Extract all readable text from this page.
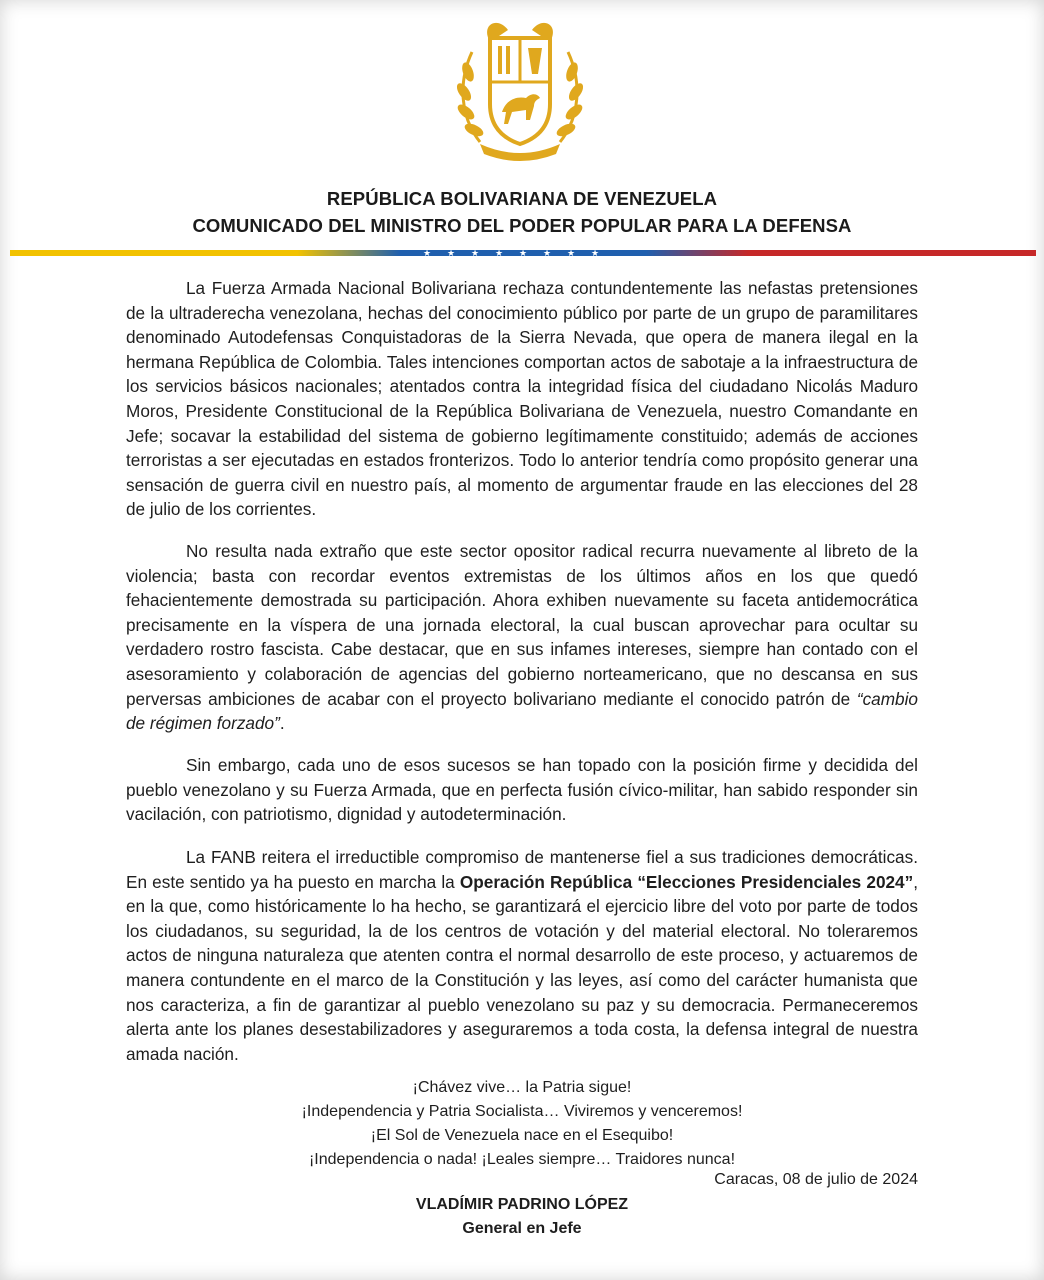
REPÚBLICA BOLIVARIANA DE VENEZUELA
COMUNICADO DEL MINISTRO DEL PODER POPULAR PARA LA DEFENSA
★ ★ ★ ★ ★ ★ ★ ★
La Fuerza Armada Nacional Bolivariana rechaza contundentemente las nefastas pretensiones de la ultraderecha venezolana, hechas del conocimiento público por parte de un grupo de paramilitares denominado Autodefensas Conquistadoras de la Sierra Nevada, que opera de manera ilegal en la hermana República de Colombia. Tales intenciones comportan actos de sabotaje a la infraestructura de los servicios básicos nacionales; atentados contra la integridad física del ciudadano Nicolás Maduro Moros, Presidente Constitucional de la República Bolivariana de Venezuela, nuestro Comandante en Jefe; socavar la estabilidad del sistema de gobierno legítimamente constituido; además de acciones terroristas a ser ejecutadas en estados fronterizos. Todo lo anterior tendría como propósito generar una sensación de guerra civil en nuestro país, al momento de argumentar fraude en las elecciones del 28 de julio de los corrientes.
No resulta nada extraño que este sector opositor radical recurra nuevamente al libreto de la violencia; basta con recordar eventos extremistas de los últimos años en los que quedó fehacientemente demostrada su participación. Ahora exhiben nuevamente su faceta antidemocrática precisamente en la víspera de una jornada electoral, la cual buscan aprovechar para ocultar su verdadero rostro fascista. Cabe destacar, que en sus infames intereses, siempre han contado con el asesoramiento y colaboración de agencias del gobierno norteamericano, que no descansa en sus perversas ambiciones de acabar con el proyecto bolivariano mediante el conocido patrón de “cambio de régimen forzado”.
Sin embargo, cada uno de esos sucesos se han topado con la posición firme y decidida del pueblo venezolano y su Fuerza Armada, que en perfecta fusión cívico-militar, han sabido responder sin vacilación, con patriotismo, dignidad y autodeterminación.
La FANB reitera el irreductible compromiso de mantenerse fiel a sus tradiciones democráticas. En este sentido ya ha puesto en marcha la Operación República “Elecciones Presidenciales 2024”, en la que, como históricamente lo ha hecho, se garantizará el ejercicio libre del voto por parte de todos los ciudadanos, su seguridad, la de los centros de votación y del material electoral. No toleraremos actos de ninguna naturaleza que atenten contra el normal desarrollo de este proceso, y actuaremos de manera contundente en el marco de la Constitución y las leyes, así como del carácter humanista que nos caracteriza, a fin de garantizar al pueblo venezolano su paz y su democracia. Permaneceremos alerta ante los planes desestabilizadores y aseguraremos a toda costa, la defensa integral de nuestra amada nación.
¡Chávez vive… la Patria sigue!
¡Independencia y Patria Socialista… Viviremos y venceremos!
¡El Sol de Venezuela nace en el Esequibo!
¡Independencia o nada! ¡Leales siempre… Traidores nunca!
Caracas, 08 de julio de 2024
VLADÍMIR PADRINO LÓPEZ
General en Jefe
